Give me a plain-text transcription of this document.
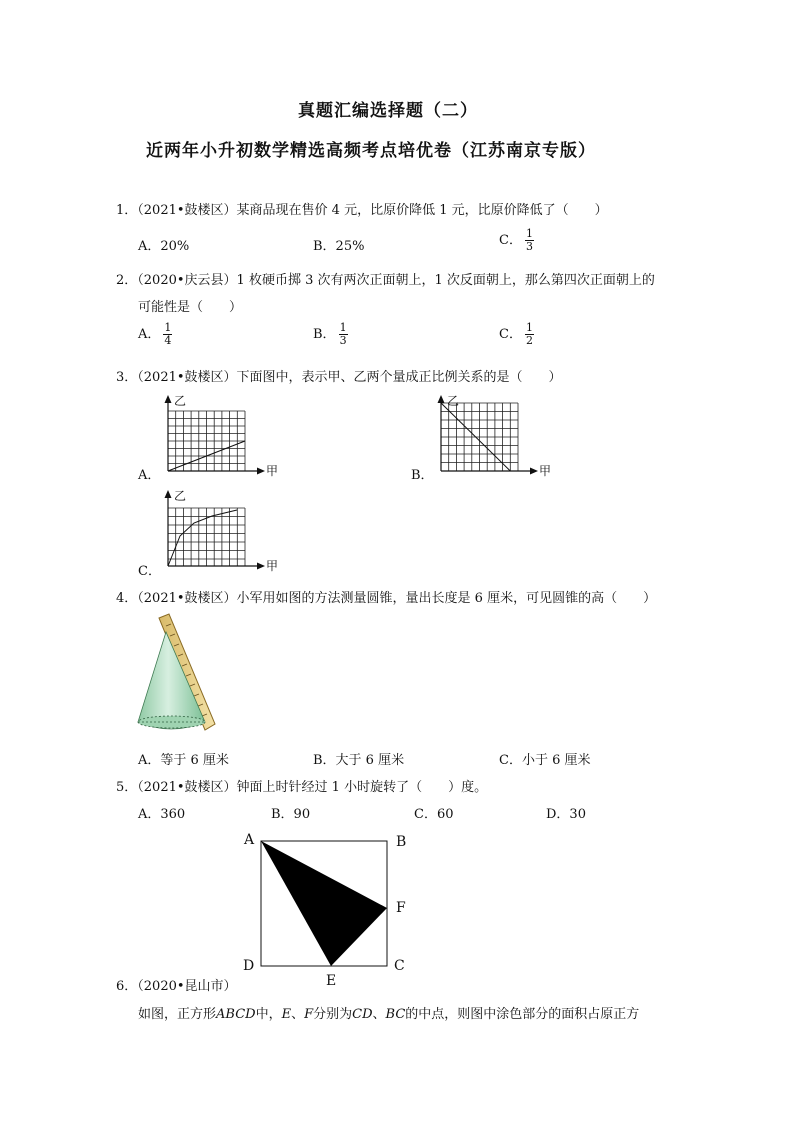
真题汇编选择题（二）
近两年小升初数学精选高频考点培优卷（江苏南京专版）
1．（2021•鼓楼区）某商品现在售价 4 元，比原价降低 1 元，比原价降低了（　　）
A．20%	B．25%	C． $\frac{1}{3}$
2．（2020•庆云县）1 枚硬币掷 3 次有两次正面朝上，1 次反面朝上，那么第四次正面朝上的
可能性是（　　）
A． $\frac{1}{4}$	B． $\frac{1}{3}$	C． $\frac{1}{2}$
3．（2021•鼓楼区）下面图中，表示甲、乙两个量成正比例关系的是（　　）
A．
乙
甲	B．
乙
甲
C．
乙
甲
4．（2021•鼓楼区）小军用如图的方法测量圆锥，量出长度是 6 厘米，可见圆锥的高（　　）
A．等于 6 厘米	B．大于 6 厘米	C．小于 6 厘米
5．（2021•鼓楼区）钟面上时针经过 1 小时旋转了（　　）度。
A．360	B．90	C．60	D．30
A	B
F
D	C
E
6．（2020•昆山市）
如图，正方形ABCD中，E、F分别为CD、BC的中点，则图中涂色部分的面积占原正方
